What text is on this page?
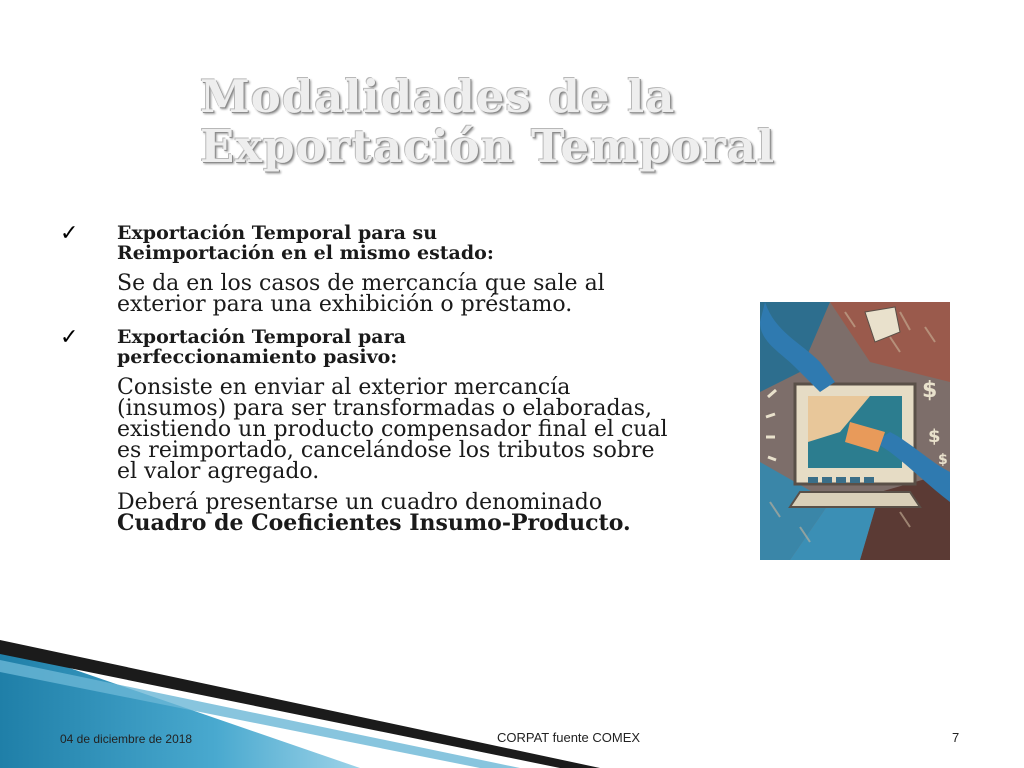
Modalidades de la
Exportación Temporal
✓ Exportación Temporal para su
Reimportación en el mismo estado:

Se da en los casos de mercancía que sale al exterior para una exhibición o préstamo.

✓ Exportación Temporal para
perfeccionamiento pasivo:

Consiste en enviar al exterior mercancía (insumos) para ser transformadas o elaboradas, existiendo un producto compensador final el cual es reimportado, cancelándose los tributos sobre el valor agregado.

Deberá presentarse un cuadro denominado
Cuadro de Coeficientes Insumo-Producto.

$
$
$
04 de diciembre de 2018	CORPAT fuente COMEX	7
